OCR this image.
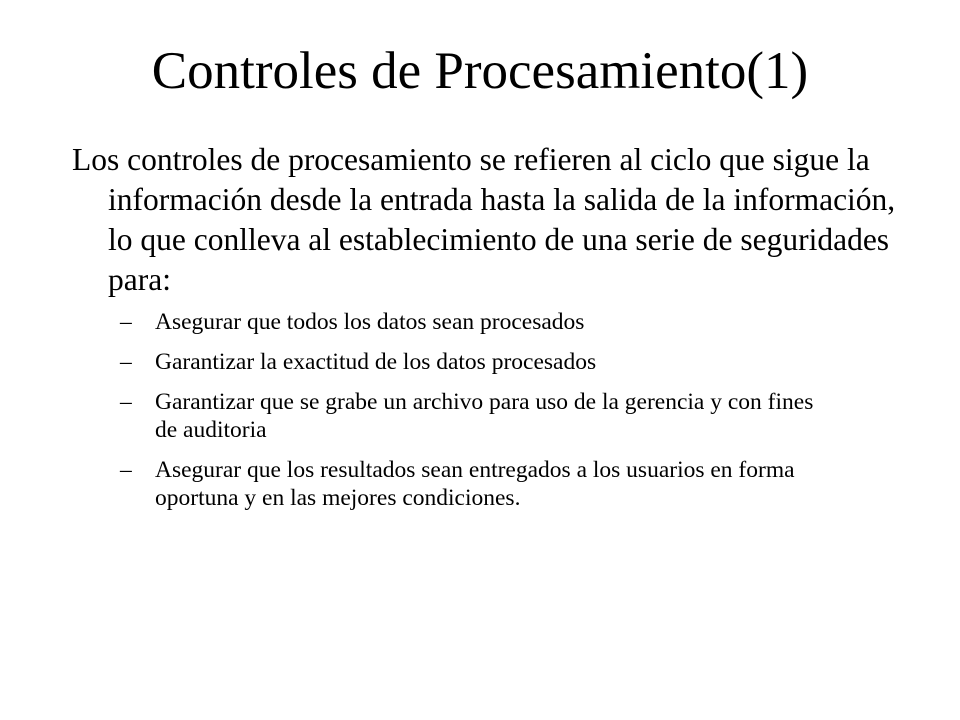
Controles de Procesamiento(1)

Los controles de procesamiento se refieren al ciclo que sigue la información desde la entrada hasta la salida de la información, lo que conlleva al establecimiento de una serie de seguridades para:

– Asegurar que todos los datos sean procesados
– Garantizar la exactitud de los datos procesados
– Garantizar que se grabe un archivo para uso de la gerencia y con fines de auditoria
– Asegurar que los resultados sean entregados a los usuarios en forma oportuna y en las mejores condiciones.
